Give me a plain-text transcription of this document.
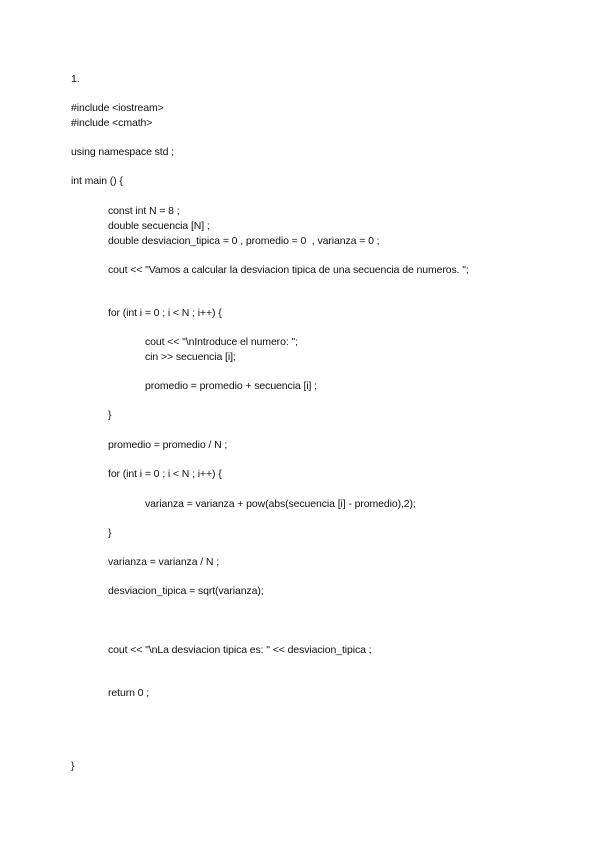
1.
#include <iostream>
#include <cmath>
using namespace std ;
int main () {
const int N = 8 ;
double secuencia [N] ;
double desviacion_tipica = 0 , promedio = 0  , varianza = 0 ;
cout << "Vamos a calcular la desviacion tipica de una secuencia de numeros. ";
for (int i = 0 ; i < N ; i++) {
cout << "\nIntroduce el numero: ";
cin >> secuencia [i];
promedio = promedio + secuencia [i] ;
}
promedio = promedio / N ;
for (int i = 0 ; i < N ; i++) {
varianza = varianza + pow(abs(secuencia [i] - promedio),2);
}
varianza = varianza / N ;
desviacion_tipica = sqrt(varianza);
cout << "\nLa desviacion tipica es: " << desviacion_tipica ;
return 0 ;
}
